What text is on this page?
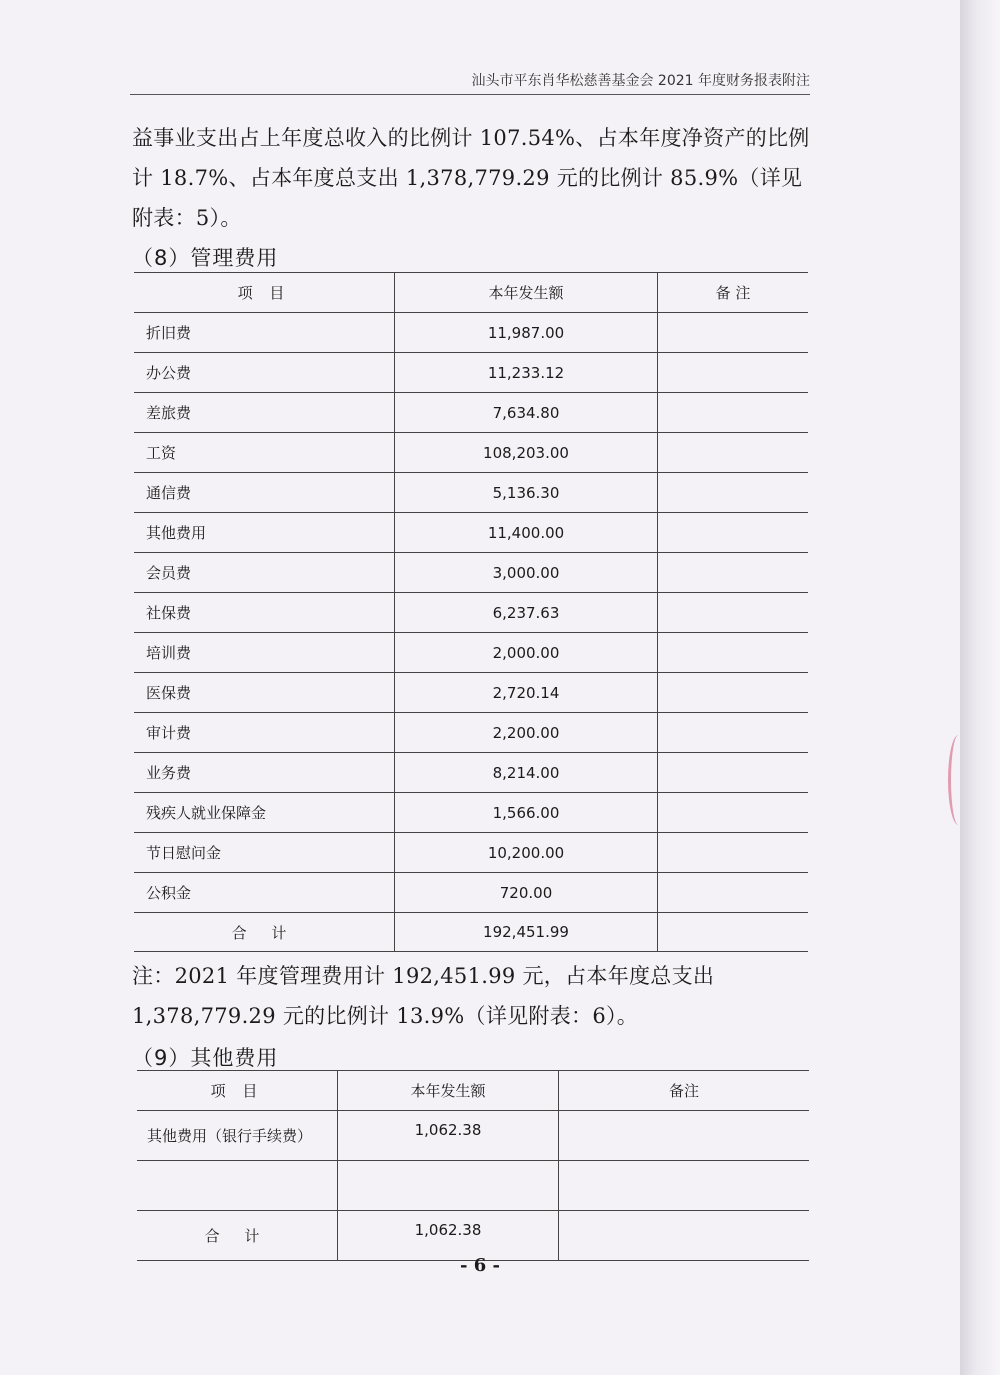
汕头市平东肖华松慈善基金会 2021 年度财务报表附注
益事业支出占上年度总收入的比例计 107.54%、占本年度净资产的比例计 18.7%、占本年度总支出 1,378,779.29 元的比例计 85.9%（详见附表：5）。
（8）管理费用
项 目	本年发生额	备 注
折旧费	11,987.00	
办公费	11,233.12	
差旅费	7,634.80	
工资	108,203.00	
通信费	5,136.30	
其他费用	11,400.00	
会员费	3,000.00	
社保费	6,237.63	
培训费	2,000.00	
医保费	2,720.14	
审计费	2,200.00	
业务费	8,214.00	
残疾人就业保障金	1,566.00	
节日慰问金	10,200.00	
公积金	720.00	
合 计	192,451.99	
注：2021 年度管理费用计 192,451.99 元，占本年度总支出 1,378,779.29 元的比例计 13.9%（详见附表：6）。
（9）其他费用
项 目	本年发生额	备注
其他费用（银行手续费）	1,062.38	

合 计	1,062.38	
- 6 -
